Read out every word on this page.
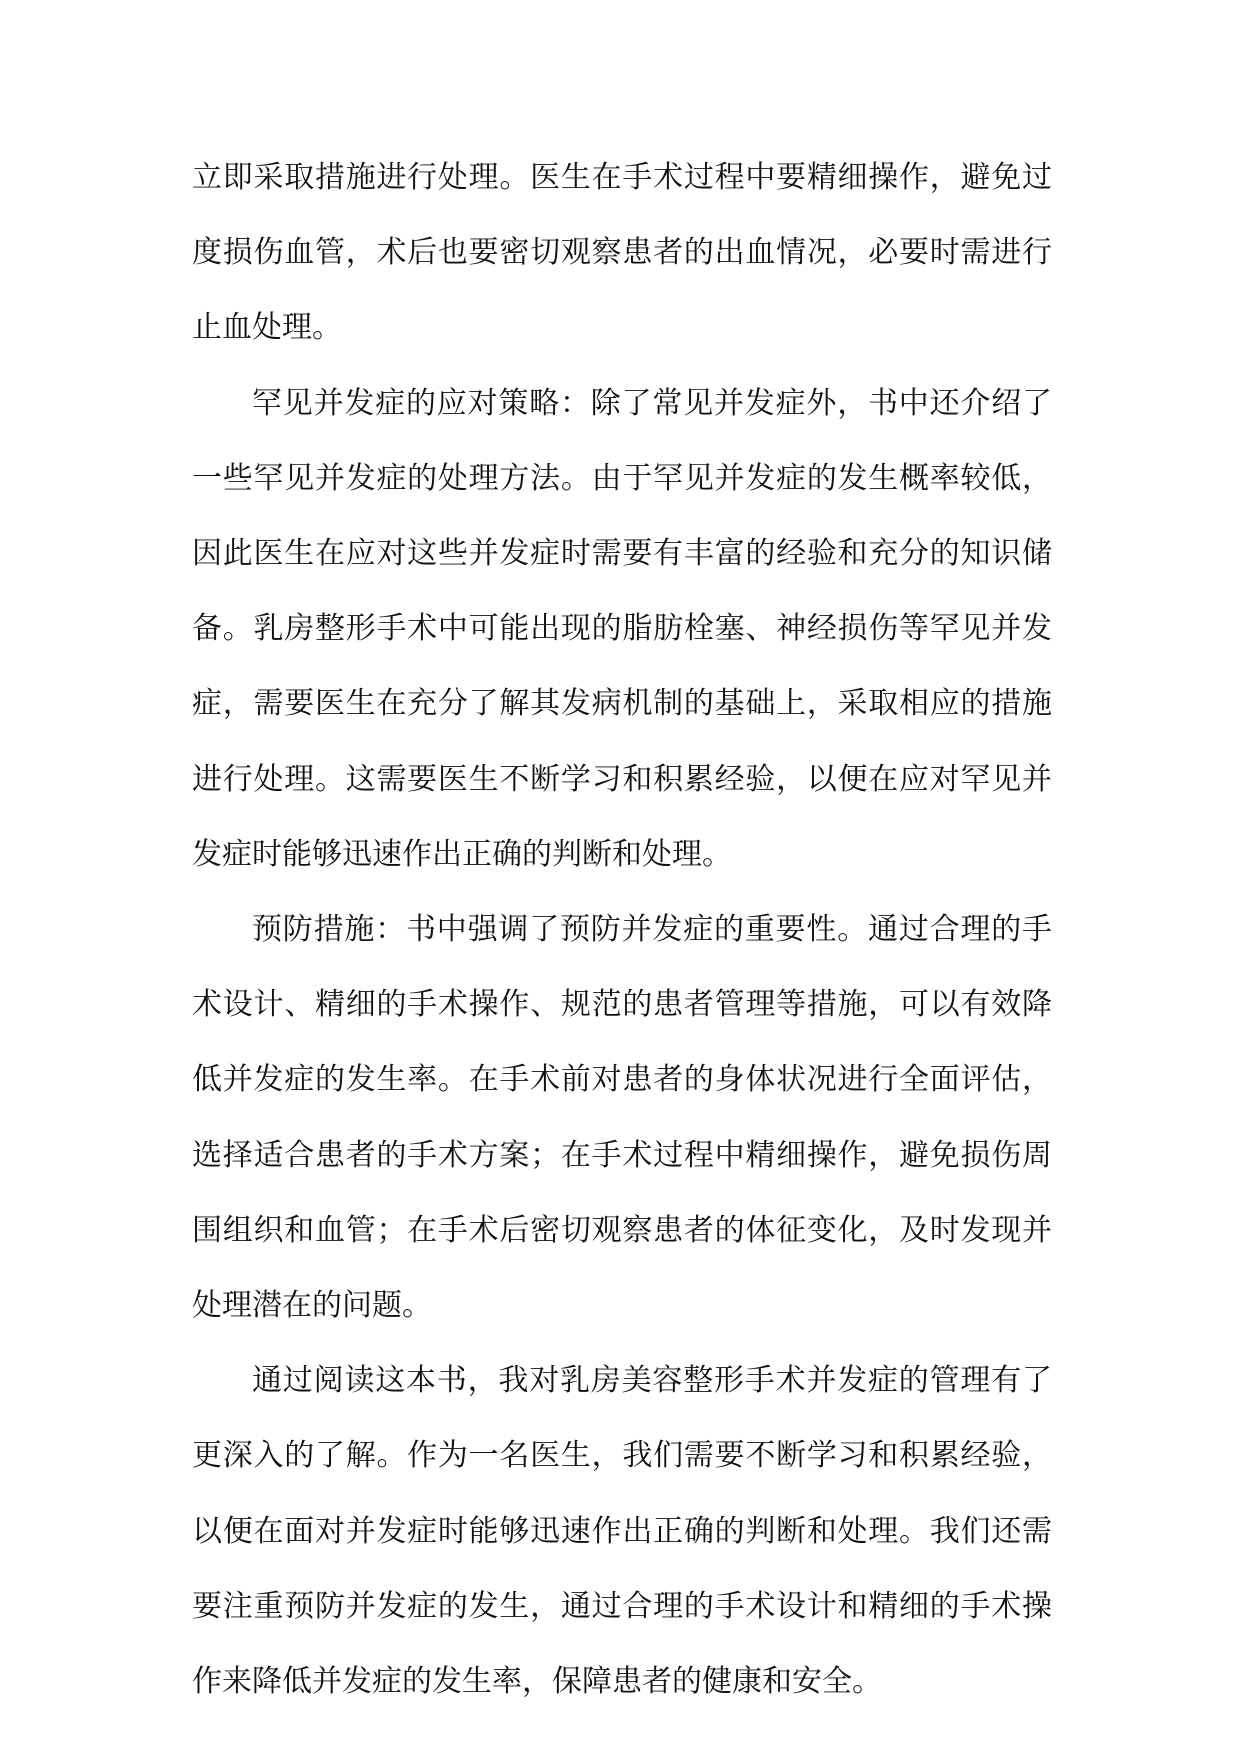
立即采取措施进行处理。医生在手术过程中要精细操作，避免过度损伤血管，术后也要密切观察患者的出血情况，必要时需进行止血处理。

罕见并发症的应对策略：除了常见并发症外，书中还介绍了一些罕见并发症的处理方法。由于罕见并发症的发生概率较低，因此医生在应对这些并发症时需要有丰富的经验和充分的知识储备。乳房整形手术中可能出现的脂肪栓塞、神经损伤等罕见并发症，需要医生在充分了解其发病机制的基础上，采取相应的措施进行处理。这需要医生不断学习和积累经验，以便在应对罕见并发症时能够迅速作出正确的判断和处理。

预防措施：书中强调了预防并发症的重要性。通过合理的手术设计、精细的手术操作、规范的患者管理等措施，可以有效降低并发症的发生率。在手术前对患者的身体状况进行全面评估，选择适合患者的手术方案；在手术过程中精细操作，避免损伤周围组织和血管；在手术后密切观察患者的体征变化，及时发现并处理潜在的问题。

通过阅读这本书，我对乳房美容整形手术并发症的管理有了更深入的了解。作为一名医生，我们需要不断学习和积累经验，以便在面对并发症时能够迅速作出正确的判断和处理。我们还需要注重预防并发症的发生，通过合理的手术设计和精细的手术操作来降低并发症的发生率，保障患者的健康和安全。
